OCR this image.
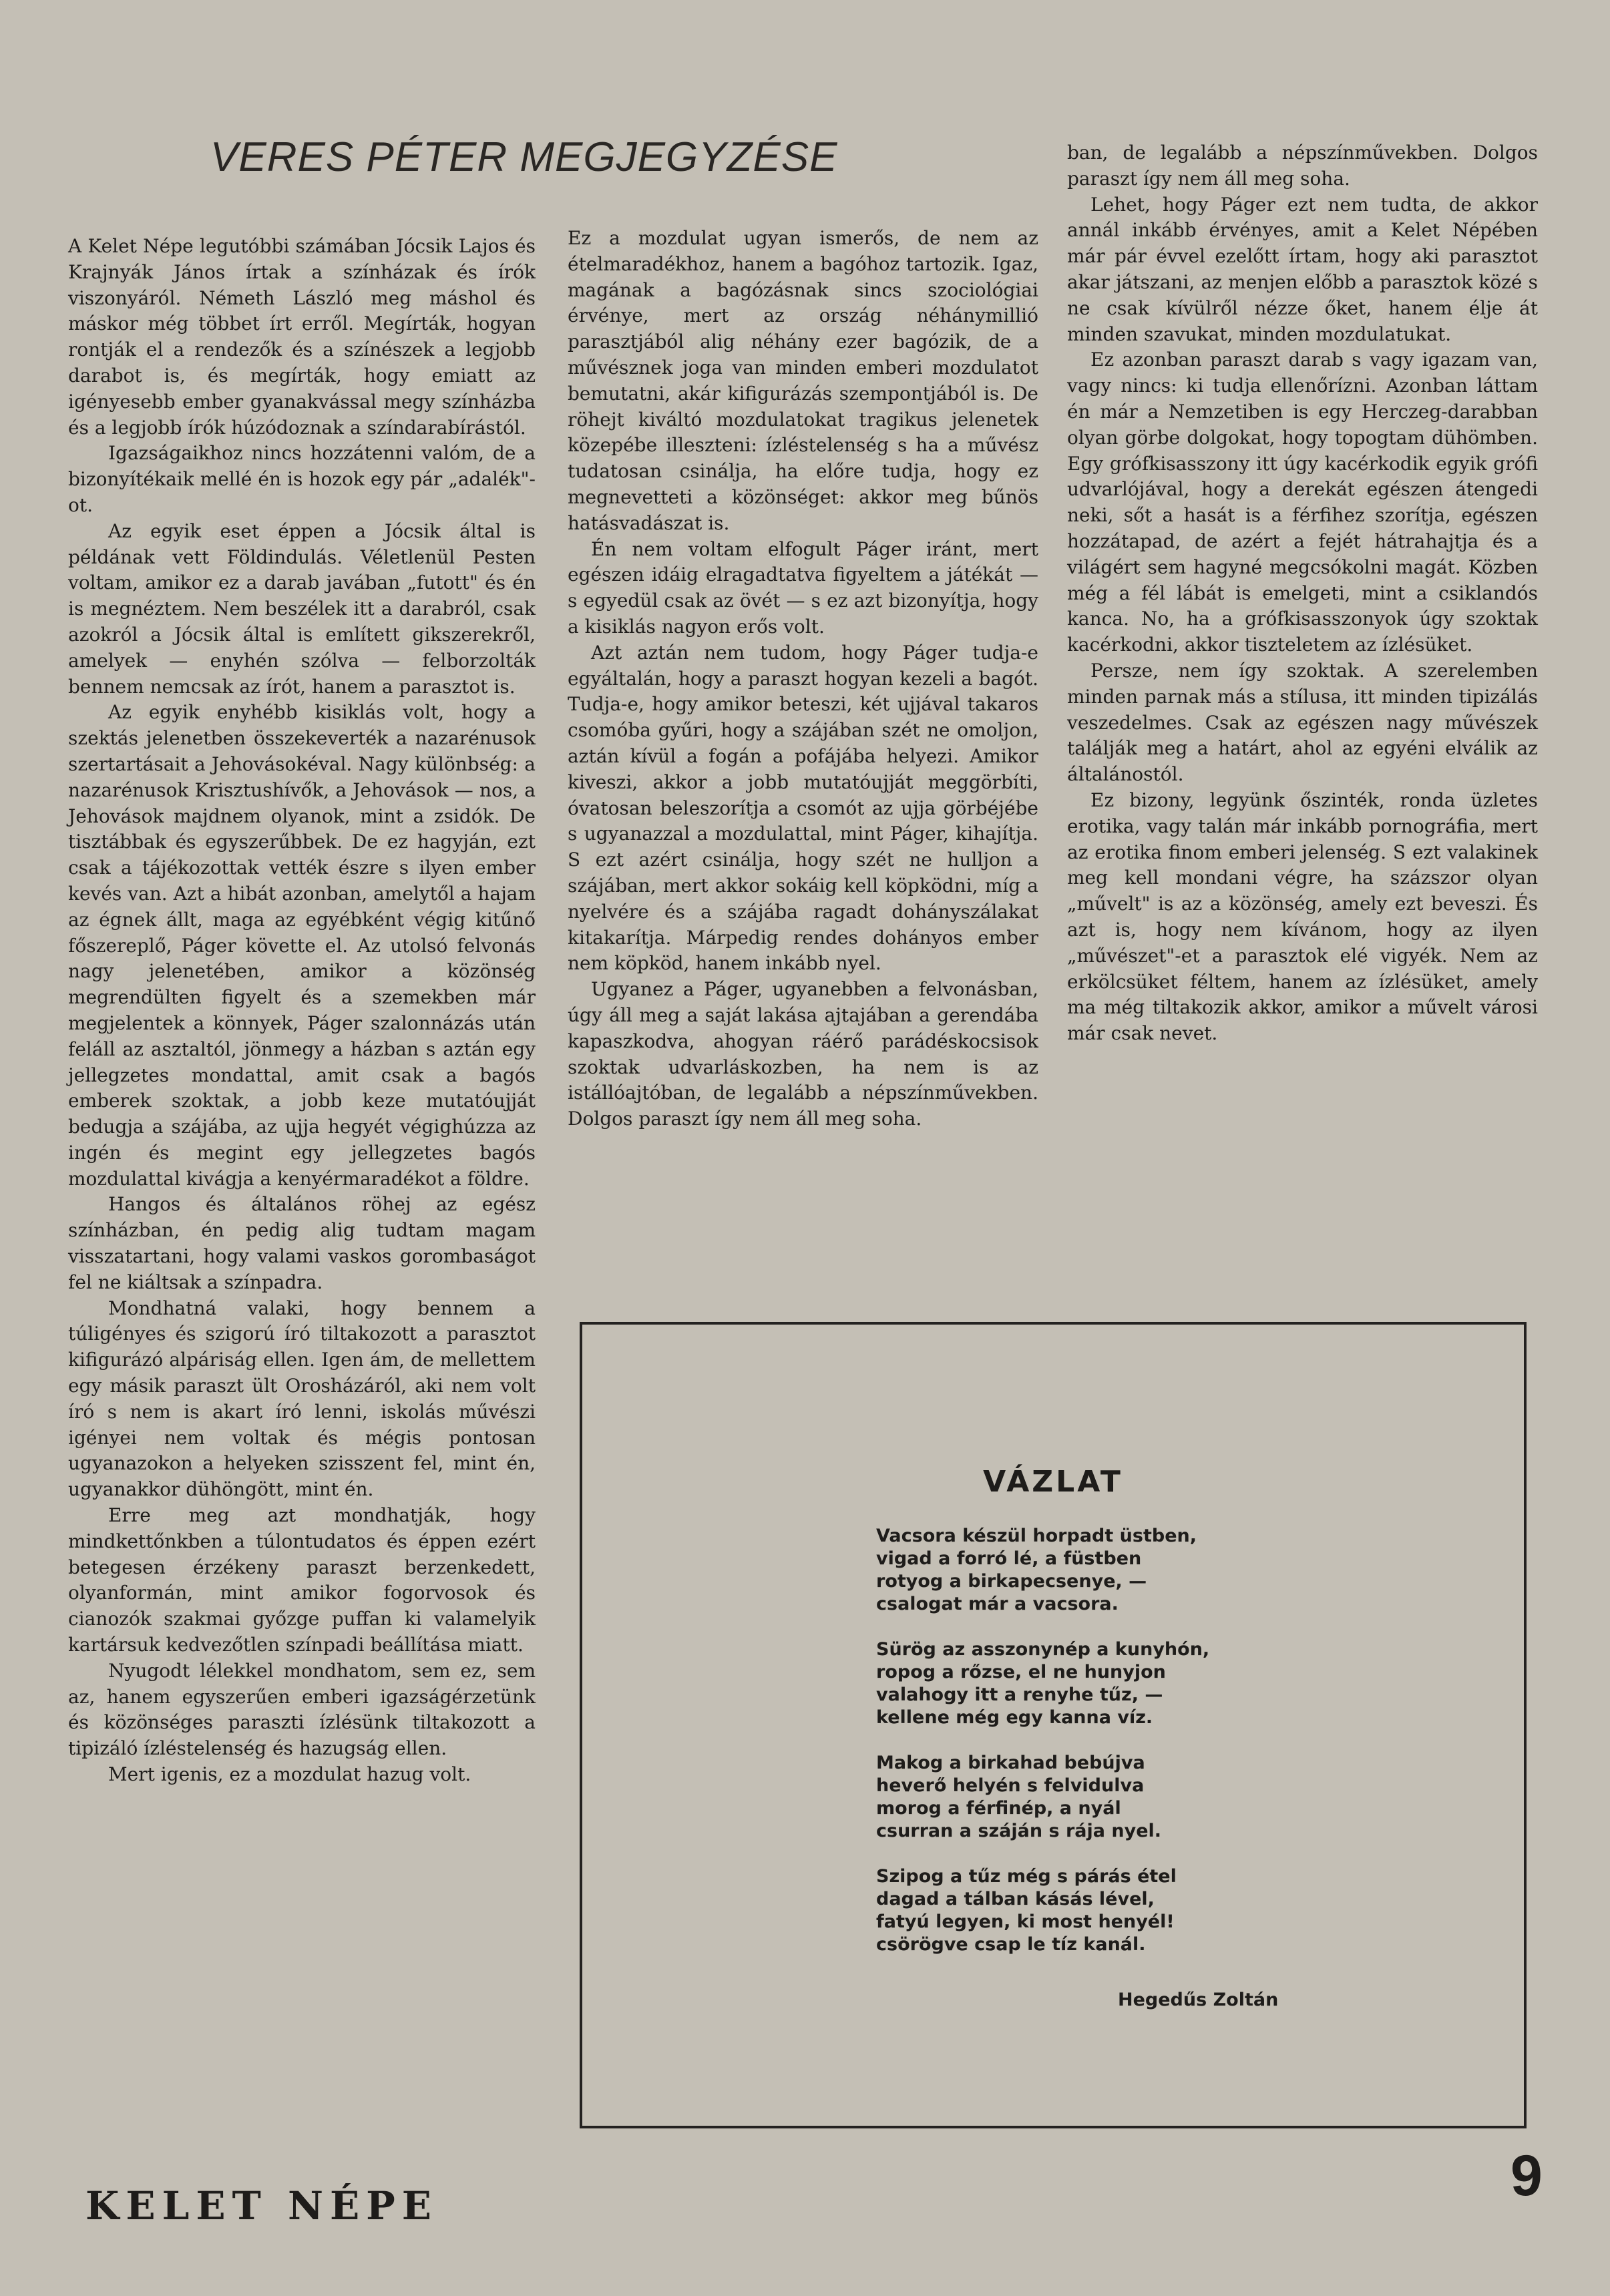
VERES PÉTER MEGJEGYZÉSE

A Kelet Népe legutóbbi számában Jócsik Lajos és Krajnyák János írtak a színházak és írók viszonyáról. Németh László meg máshol és máskor még többet írt erről. Megírták, hogyan rontják el a rendezők és a színészek a legjobb darabot is, és megírták, hogy emiatt az igényesebb ember gyanakvással megy színházba és a legjobb írók húzódoznak a színdarabírástól.

Igazságaikhoz nincs hozzátenni valóm, de a bizonyítékaik mellé én is hozok egy pár „adalék"-ot.

Az egyik eset éppen a Jócsik által is példának vett Földindulás. Véletlenül Pesten voltam, amikor ez a darab javában „futott" és én is megnéztem. Nem beszélek itt a darabról, csak azokról a Jócsik által is említett gikszerekről, amelyek — enyhén szólva — felborzolták bennem nemcsak az írót, hanem a parasztot is.

Az egyik enyhébb kisiklás volt, hogy a szektás jelenetben összekeverték a nazarénusok szertartásait a Jehovásokéval. Nagy különbség: a nazarénusok Krisztushívők, a Jehovások — nos, a Jehovások majdnem olyanok, mint a zsidók. De tisztábbak és egyszerűbbek. De ez hagyján, ezt csak a tájékozottak vették észre s ilyen ember kevés van. Azt a hibát azonban, amelytől a hajam az égnek állt, maga az egyébként végig kitűnő főszereplő, Páger követte el. Az utolsó felvonás nagy jelenetében, amikor a közönség megrendülten figyelt és a szemekben már megjelentek a könnyek, Páger szalonnázás után feláll az asztaltól, jönmegy a házban s aztán egy jellegzetes mondattal, amit csak a bagós emberek szoktak, a jobb keze mutatóujját bedugja a szájába, az ujja hegyét végighúzza az ingén és megint egy jellegzetes bagós mozdulattal kivágja a kenyérmaradékot a földre.

Hangos és általános röhej az egész színházban, én pedig alig tudtam magam visszatartani, hogy valami vaskos gorombaságot fel ne kiáltsak a színpadra.

Mondhatná valaki, hogy bennem a túligényes és szigorú író tiltakozott a parasztot kifigurázó alpáriság ellen. Igen ám, de mellettem egy másik paraszt ült Orosházáról, aki nem volt író s nem is akart író lenni, iskolás művészi igényei nem voltak és mégis pontosan ugyanazokon a helyeken szisszent fel, mint én, ugyanakkor dühöngött, mint én.

Erre meg azt mondhatják, hogy mindkettőnkben a túlontudatos és éppen ezért betegesen érzékeny paraszt berzenkedett, olyanformán, mint amikor fogorvosok és cianozók szakmai győzge puffan ki valamelyik kartársuk kedvezőtlen színpadi beállítása miatt.

Nyugodt lélekkel mondhatom, sem ez, sem az, hanem egyszerűen emberi igazságérzetünk és közönséges paraszti ízlésünk tiltakozott a tipizáló ízléstelenség és hazugság ellen.

Mert igenis, ez a mozdulat hazug volt.

Ez a mozdulat ugyan ismerős, de nem az ételmaradékhoz, hanem a bagóhoz tartozik. Igaz, magának a bagózásnak sincs szociológiai érvénye, mert az ország néhánymillió parasztjából alig néhány ezer bagózik, de a művésznek joga van minden emberi mozdulatot bemutatni, akár kifigurázás szempontjából is. De röhejt kiváltó mozdulatokat tragikus jelenetek közepébe illeszteni: ízléstelenség s ha a művész tudatosan csinálja, ha előre tudja, hogy ez megnevetteti a közönséget: akkor meg bűnös hatásvadászat is.

Én nem voltam elfogult Páger iránt, mert egészen idáig elragadtatva figyeltem a játékát — s egyedül csak az övét — s ez azt bizonyítja, hogy a kisiklás nagyon erős volt.

Azt aztán nem tudom, hogy Páger tudja-e egyáltalán, hogy a paraszt hogyan kezeli a bagót. Tudja-e, hogy amikor beteszi, két ujjával takaros csomóba gyűri, hogy a szájában szét ne omoljon, aztán kívül a fogán a pofájába helyezi. Amikor kiveszi, akkor a jobb mutatóujját meggörbíti, óvatosan beleszorítja a csomót az ujja görbéjébe s ugyanazzal a mozdulattal, mint Páger, kihajítja. S ezt azért csinálja, hogy szét ne hulljon a szájában, mert akkor sokáig kell köpködni, míg a nyelvére és a szájába ragadt dohányszálakat kitakarítja. Márpedig rendes dohányos ember nem köpköd, hanem inkább nyel.

Ugyanez a Páger, ugyanebben a felvonásban, úgy áll meg a saját lakása ajtajában a gerendába kapaszkodva, ahogyan ráérő parádéskocsisok szoktak udvarláskozben, ha nem is az istállóajtóban, de legalább a népszínművekben. Dolgos paraszt így nem áll meg soha.

ban, de legalább a népszínművekben. Dolgos paraszt így nem áll meg soha.

Lehet, hogy Páger ezt nem tudta, de akkor annál inkább érvényes, amit a Kelet Népében már pár évvel ezelőtt írtam, hogy aki parasztot akar játszani, az menjen előbb a parasztok közé s ne csak kívülről nézze őket, hanem élje át minden szavukat, minden mozdulatukat.

Ez azonban paraszt darab s vagy igazam van, vagy nincs: ki tudja ellenőrízni. Azonban láttam én már a Nemzetiben is egy Herczeg-darabban olyan görbe dolgokat, hogy topogtam dühömben. Egy grófkisasszony itt úgy kacérkodik egyik grófi udvarlójával, hogy a derekát egészen átengedi neki, sőt a hasát is a férfihez szorítja, egészen hozzátapad, de azért a fejét hátrahajtja és a világért sem hagyné megcsókolni magát. Közben még a fél lábát is emelgeti, mint a csiklandós kanca. No, ha a grófkisasszonyok úgy szoktak kacérkodni, akkor tiszteletem az ízlésüket.

Persze, nem így szoktak. A szerelemben minden parnak más a stílusa, itt minden tipizálás veszedelmes. Csak az egészen nagy művészek találják meg a határt, ahol az egyéni elválik az általánostól.

Ez bizony, legyünk őszinték, ronda üzletes erotika, vagy talán már inkább pornográfia, mert az erotika finom emberi jelenség. S ezt valakinek meg kell mondani végre, ha százszor olyan „művelt" is az a közönség, amely ezt beveszi. És azt is, hogy nem kívánom, hogy az ilyen „művészet"-et a parasztok elé vigyék. Nem az erkölcsüket féltem, hanem az ízlésüket, amely ma még tiltakozik akkor, amikor a művelt városi már csak nevet.

VÁZLAT
Vacsora készül horpadt üstben,
vigad a forró lé, a füstben
rotyog a birkapecsenye, —
csalogat már a vacsora.
Sürög az asszonynép a kunyhón,
ropog a rőzse, el ne hunyjon
valahogy itt a renyhe tűz, —
kellene még egy kanna víz.
Makog a birkahad bebújva
heverő helyén s felvidulva
morog a férfinép, a nyál
csurran a száján s rája nyel.
Szipog a tűz még s párás étel
dagad a tálban kásás lével,
fatyú legyen, ki most henyél!
csörögve csap le tíz kanál.
Hegedűs Zoltán
KELET NÉPE	9
